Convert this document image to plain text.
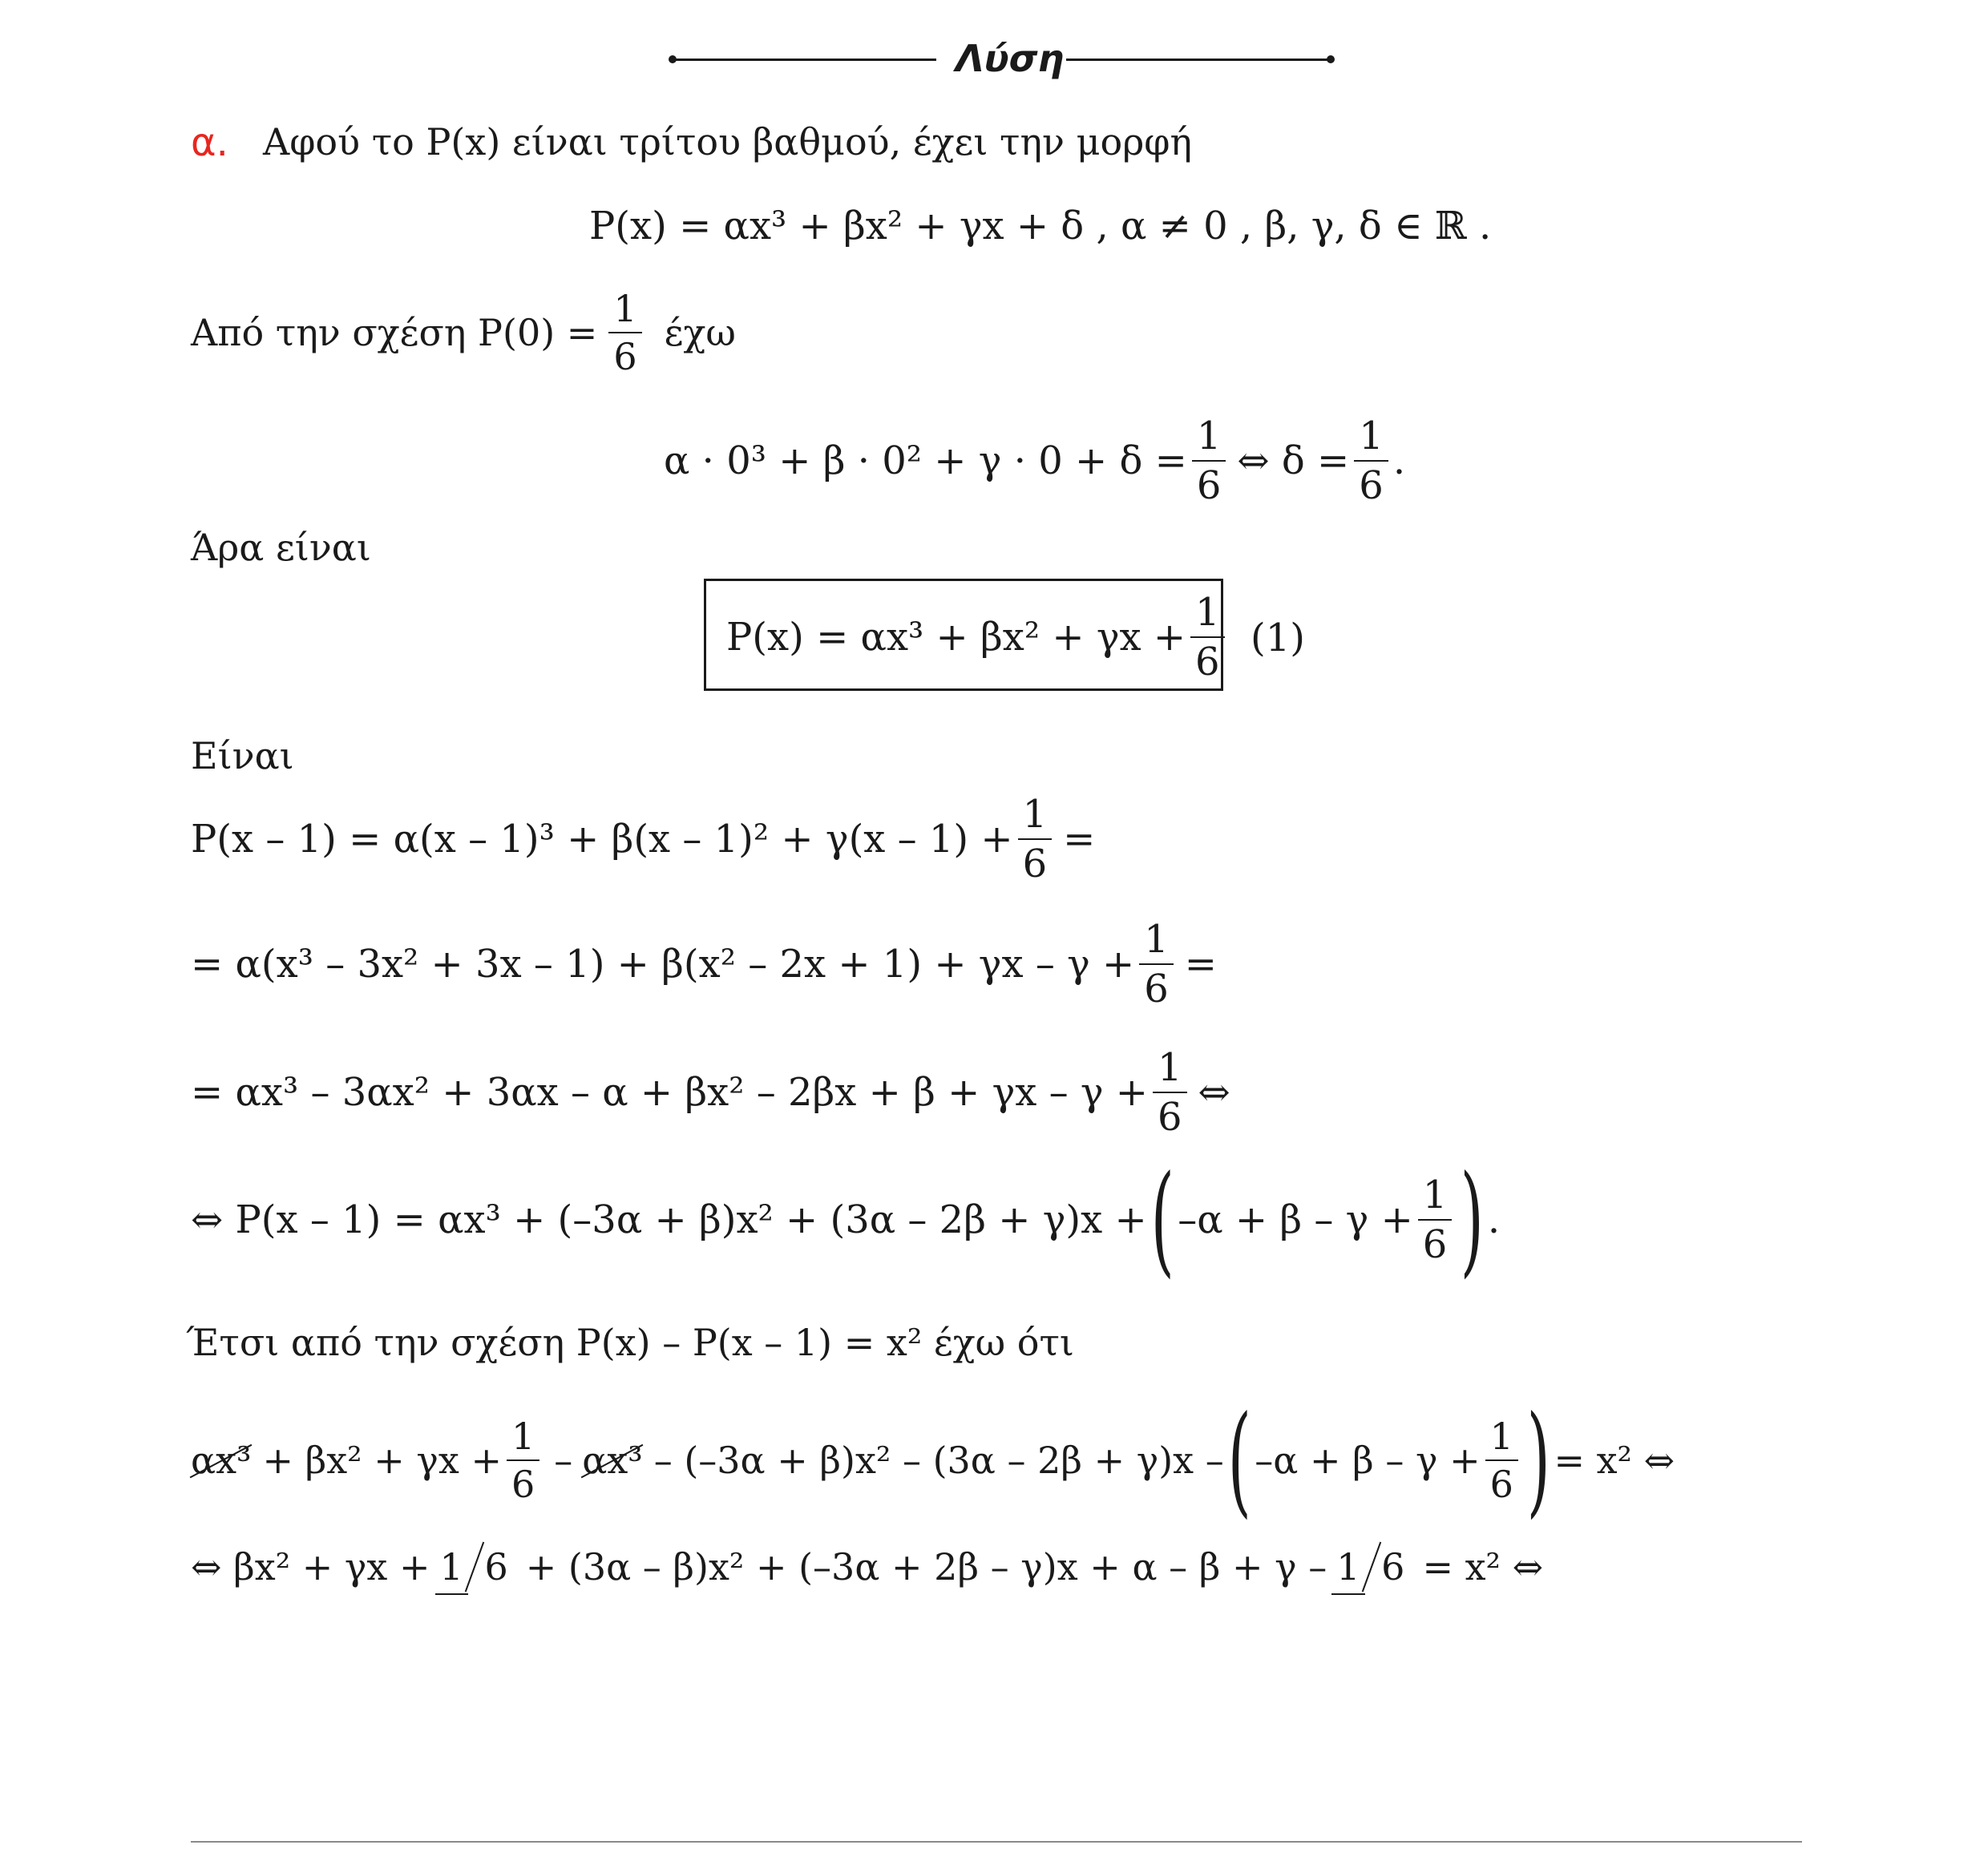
Λύση
α. Αφού το P(x) είναι τρίτου βαθμού, έχει την μορφή
P(x) = αx³ + βx² + γx + δ , α ≠ 0 , β, γ, δ ∈ ℝ .
Από την σχέση $P(0) = \frac{1}{6}$ έχω
$\alpha \cdot 0^3 + \beta \cdot 0^2 + \gamma \cdot 0 + \delta = \frac{1}{6}$ ⇔ $\delta = \frac{1}{6}$ .
Άρα είναι
$P(x) = \alpha x^3 + \beta x^2 + \gamma x + \frac{1}{6} (1)$
Είναι
$P(x - 1) = \alpha(x - 1)^3 + \beta(x - 1)^2 + \gamma(x - 1) + \frac{1}{6}$ =
= $\alpha(x^3 - 3x^2 + 3x - 1) + \beta(x^2 - 2x + 1) + \gamma x - \gamma + \frac{1}{6}$ =
= $\alpha x^3 - 3\alpha x^2 + 3\alpha x - \alpha + \beta x^2 - 2\beta x + \beta + \gamma x - \gamma + \frac{1}{6}$ ⇔
⇔ P(x – 1) = αx³ + (–3α + β)x² + (3α – 2β + γ)x + ( $-\alpha + \beta - \gamma + \frac{1}{6}$ ) .
Έτσι από την σχέση P(x) – P(x – 1) = x² έχω ότι
$\alpha x^3 + \beta x^2 + \gamma x + \frac{1}{6} - \alpha x^3 - (-3\alpha + \beta)x^2 - (3\alpha - 2\beta + \gamma)x$ – ( $-\alpha + \beta - \gamma + \frac{1}{6}$ ) = x² ⇔
⇔ βx² + γx + 1 6 + (3α – β)x² + (–3α + 2β – γ)x + α – β + γ – 1 6 = x² ⇔
